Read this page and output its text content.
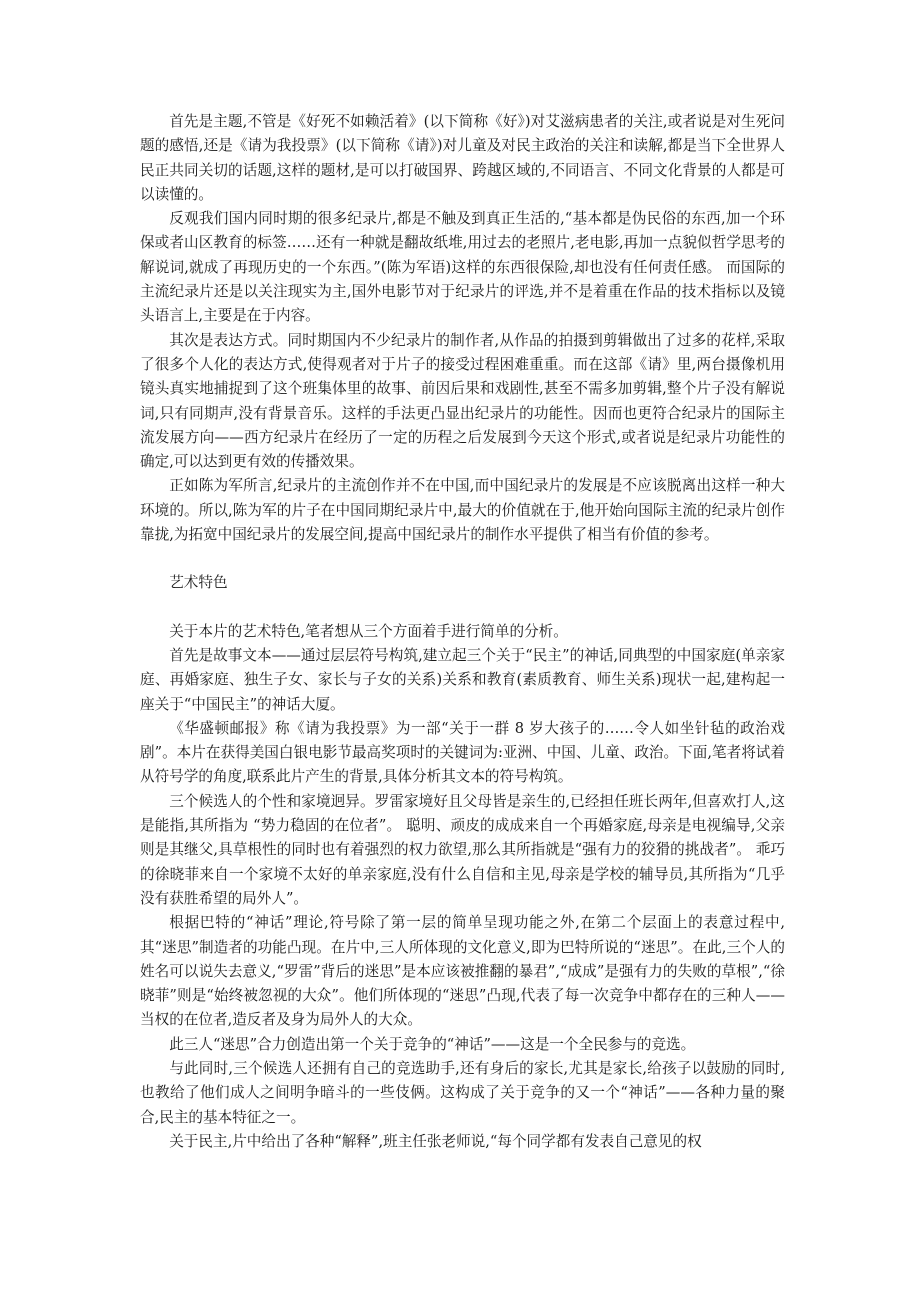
首先是主题,不管是《好死不如赖活着》(以下简称《好》)对艾滋病患者的关注,或者说是对生死问题的感悟,还是《请为我投票》(以下简称《请》)对儿童及对民主政治的关注和读解,都是当下全世界人民正共同关切的话题,这样的题材,是可以打破国界、跨越区域的,不同语言、不同文化背景的人都是可以读懂的。

反观我们国内同时期的很多纪录片,都是不触及到真正生活的,“基本都是伪民俗的东西,加一个环保或者山区教育的标签……还有一种就是翻故纸堆,用过去的老照片,老电影,再加一点貌似哲学思考的解说词,就成了再现历史的一个东西。”(陈为军语)这样的东西很保险,却也没有任何责任感。 而国际的主流纪录片还是以关注现实为主,国外电影节对于纪录片的评选,并不是着重在作品的技术指标以及镜头语言上,主要是在于内容。

其次是表达方式。同时期国内不少纪录片的制作者,从作品的拍摄到剪辑做出了过多的花样,采取了很多个人化的表达方式,使得观者对于片子的接受过程困难重重。而在这部《请》里,两台摄像机用镜头真实地捕捉到了这个班集体里的故事、前因后果和戏剧性,甚至不需多加剪辑,整个片子没有解说词,只有同期声,没有背景音乐。这样的手法更凸显出纪录片的功能性。因而也更符合纪录片的国际主流发展方向——西方纪录片在经历了一定的历程之后发展到今天这个形式,或者说是纪录片功能性的确定,可以达到更有效的传播效果。

正如陈为军所言,纪录片的主流创作并不在中国,而中国纪录片的发展是不应该脱离出这样一种大环境的。所以,陈为军的片子在中国同期纪录片中,最大的价值就在于,他开始向国际主流的纪录片创作靠拢,为拓宽中国纪录片的发展空间,提高中国纪录片的制作水平提供了相当有价值的参考。

艺术特色

关于本片的艺术特色,笔者想从三个方面着手进行简单的分析。

首先是故事文本——通过层层符号构筑,建立起三个关于“民主”的神话,同典型的中国家庭(单亲家庭、再婚家庭、独生子女、家长与子女的关系)关系和教育(素质教育、师生关系)现状一起,建构起一座关于“中国民主”的神话大厦。

《华盛顿邮报》称《请为我投票》为一部“关于一群 8 岁大孩子的……令人如坐针毡的政治戏剧”。本片在获得美国白银电影节最高奖项时的关键词为:亚洲、中国、儿童、政治。下面,笔者将试着从符号学的角度,联系此片产生的背景,具体分析其文本的符号构筑。

三个候选人的个性和家境迥异。罗雷家境好且父母皆是亲生的,已经担任班长两年,但喜欢打人,这是能指,其所指为 “势力稳固的在位者”。 聪明、顽皮的成成来自一个再婚家庭,母亲是电视编导,父亲则是其继父,具草根性的同时也有着强烈的权力欲望,那么其所指就是“强有力的狡猾的挑战者”。 乖巧的徐晓菲来自一个家境不太好的单亲家庭,没有什么自信和主见,母亲是学校的辅导员,其所指为“几乎没有获胜希望的局外人”。

根据巴特的“神话”理论,符号除了第一层的简单呈现功能之外,在第二个层面上的表意过程中,其“迷思”制造者的功能凸现。在片中,三人所体现的文化意义,即为巴特所说的“迷思”。在此,三个人的姓名可以说失去意义,“罗雷”背后的迷思”是本应该被推翻的暴君”,“成成”是强有力的失败的草根”,“徐晓菲”则是“始终被忽视的大众”。他们所体现的“迷思”凸现,代表了每一次竞争中都存在的三种人——当权的在位者,造反者及身为局外人的大众。

此三人“迷思”合力创造出第一个关于竞争的“神话”——这是一个全民参与的竞选。

与此同时,三个候选人还拥有自己的竞选助手,还有身后的家长,尤其是家长,给孩子以鼓励的同时,也教给了他们成人之间明争暗斗的一些伎俩。这构成了关于竞争的又一个“神话”——各种力量的聚合,民主的基本特征之一。

关于民主,片中给出了各种“解释”,班主任张老师说,“每个同学都有发表自己意见的权
